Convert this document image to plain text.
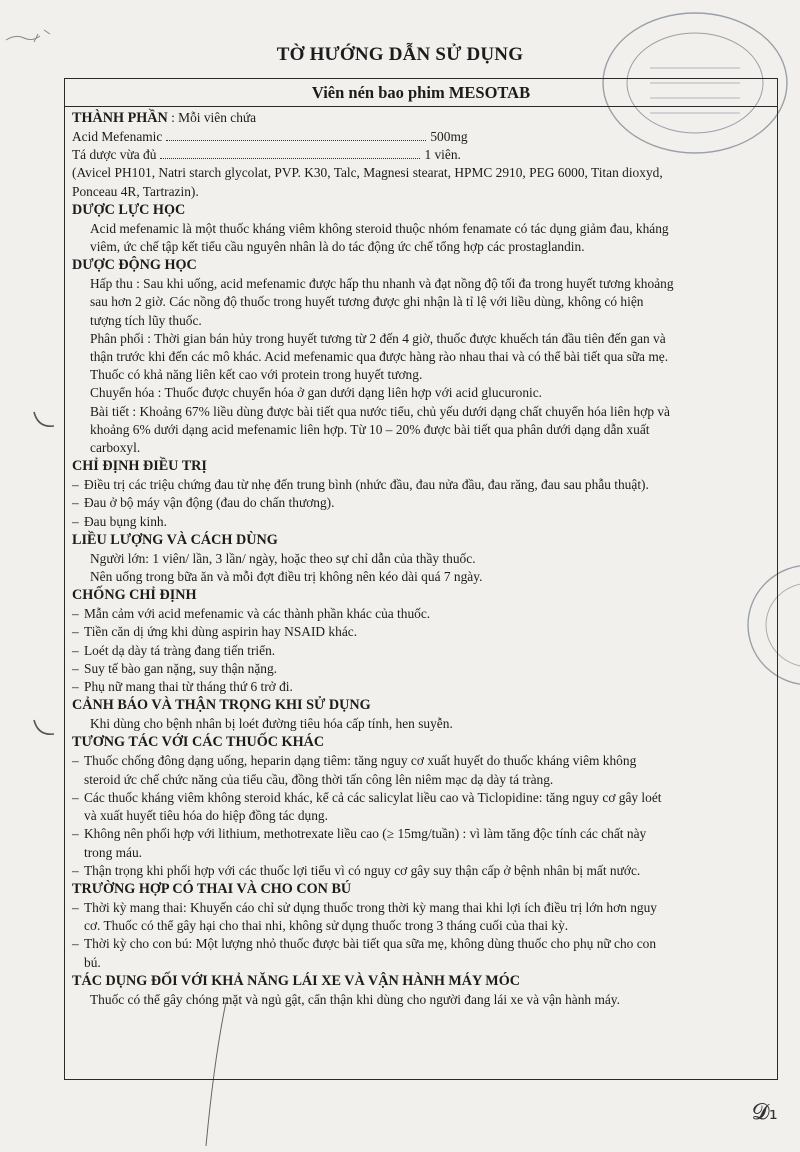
𝓓₁
TỜ HƯỚNG DẪN SỬ DỤNG
Viên nén bao phim MESOTAB
THÀNH PHẦN : Mỗi viên chứa
Acid Mefenamic	500mg
Tá dược vừa đủ	1 viên.
(Avicel PH101, Natri starch glycolat, PVP. K30, Talc, Magnesi stearat, HPMC 2910, PEG 6000, Titan dioxyd,
Ponceau 4R, Tartrazin).
DƯỢC LỰC HỌC
Acid mefenamic là một thuốc kháng viêm không steroid thuộc nhóm fenamate có tác dụng giảm đau, kháng
viêm, ức chế tập kết tiểu cầu nguyên nhân là do tác động ức chế tổng hợp các prostaglandin.
DƯỢC ĐỘNG HỌC
Hấp thu : Sau khi uống, acid mefenamic được hấp thu nhanh và đạt nồng độ tối đa trong huyết tương khoảng
sau hơn 2 giờ. Các nồng độ thuốc trong huyết tương được ghi nhận là tỉ lệ với liều dùng, không có hiện
tượng tích lũy thuốc.
Phân phối : Thời gian bán hủy trong huyết tương từ 2 đến 4 giờ, thuốc được khuếch tán đầu tiên đến gan và
thận trước khi đến các mô khác. Acid mefenamic qua được hàng rào nhau thai và có thể bài tiết qua sữa mẹ.
Thuốc có khả năng liên kết cao với protein trong huyết tương.
Chuyển hóa : Thuốc được chuyển hóa ở gan dưới dạng liên hợp với acid glucuronic.
Bài tiết : Khoảng 67% liều dùng được bài tiết qua nước tiểu, chủ yếu dưới dạng chất chuyển hóa liên hợp và
khoảng 6% dưới dạng acid mefenamic liên hợp. Từ 10 – 20% được bài tiết qua phân dưới dạng dẫn xuất
carboxyl.
CHỈ ĐỊNH ĐIỀU TRỊ
– Điều trị các triệu chứng đau từ nhẹ đến trung bình (nhức đầu, đau nửa đầu, đau răng, đau sau phẫu thuật).
– Đau ở bộ máy vận động (đau do chấn thương).
– Đau bụng kinh.
LIỀU LƯỢNG VÀ CÁCH DÙNG
Người lớn: 1 viên/ lần, 3 lần/ ngày, hoặc theo sự chỉ dẫn của thầy thuốc.
Nên uống trong bữa ăn và mỗi đợt điều trị không nên kéo dài quá 7 ngày.
CHỐNG CHỈ ĐỊNH
– Mẫn cảm với acid mefenamic và các thành phần khác của thuốc.
– Tiền căn dị ứng khi dùng aspirin hay NSAID khác.
– Loét dạ dày tá tràng đang tiến triển.
– Suy tế bào gan nặng, suy thận nặng.
– Phụ nữ mang thai từ tháng thứ 6 trở đi.
CẢNH BÁO VÀ THẬN TRỌNG KHI SỬ DỤNG
Khi dùng cho bệnh nhân bị loét đường tiêu hóa cấp tính, hen suyễn.
TƯƠNG TÁC VỚI CÁC THUỐC KHÁC
– Thuốc chống đông dạng uống, heparin dạng tiêm: tăng nguy cơ xuất huyết do thuốc kháng viêm không
steroid ức chế chức năng của tiểu cầu, đồng thời tấn công lên niêm mạc dạ dày tá tràng.
– Các thuốc kháng viêm không steroid khác, kể cả các salicylat liều cao và Ticlopidine: tăng nguy cơ gây loét
và xuất huyết tiêu hóa do hiệp đồng tác dụng.
– Không nên phối hợp với lithium, methotrexate liều cao (≥ 15mg/tuần) : vì làm tăng độc tính các chất này
trong máu.
– Thận trọng khi phối hợp với các thuốc lợi tiểu vì có nguy cơ gây suy thận cấp ở bệnh nhân bị mất nước.
TRƯỜNG HỢP CÓ THAI VÀ CHO CON BÚ
– Thời kỳ mang thai: Khuyến cáo chỉ sử dụng thuốc trong thời kỳ mang thai khi lợi ích điều trị lớn hơn nguy
cơ. Thuốc có thể gây hại cho thai nhi, không sử dụng thuốc trong 3 tháng cuối của thai kỳ.
– Thời kỳ cho con bú: Một lượng nhỏ thuốc được bài tiết qua sữa mẹ, không dùng thuốc cho phụ nữ cho con
bú.
TÁC DỤNG ĐỐI VỚI KHẢ NĂNG LÁI XE VÀ VẬN HÀNH MÁY MÓC
Thuốc có thể gây chóng mặt và ngủ gật, cẩn thận khi dùng cho người đang lái xe và vận hành máy.
